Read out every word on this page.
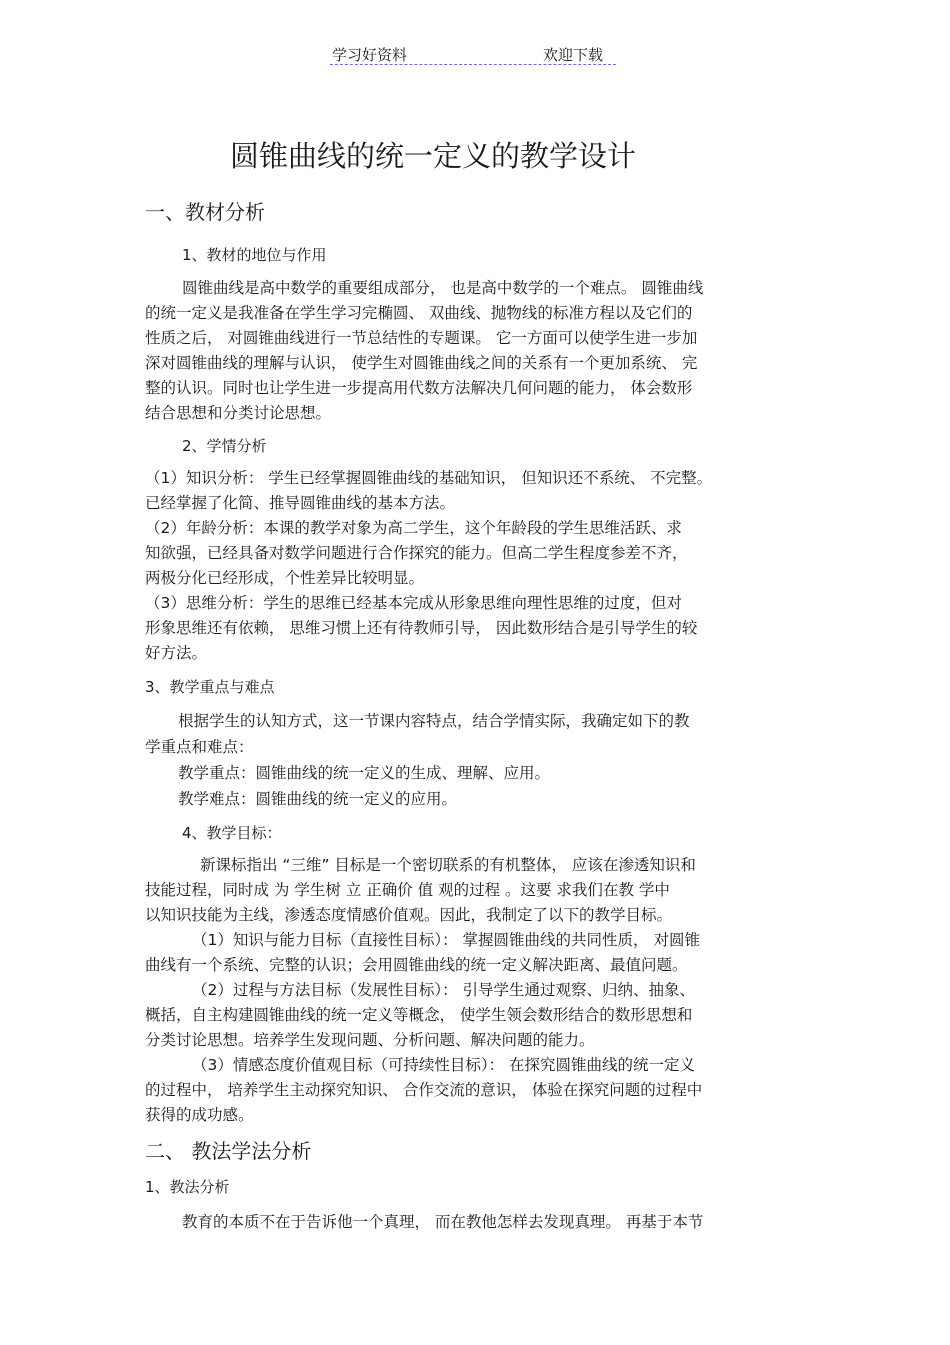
学习好资料	欢迎下载
圆锥曲线的统一定义的教学设计
一、教材分析
1、教材的地位与作用
圆锥曲线是高中数学的重要组成部分， 也是高中数学的一个难点。 圆锥曲线
的统一定义是我准备在学生学习完椭圆、 双曲线、抛物线的标准方程以及它们的
性质之后， 对圆锥曲线进行一节总结性的专题课。 它一方面可以使学生进一步加
深对圆锥曲线的理解与认识， 使学生对圆锥曲线之间的关系有一个更加系统、 完
整的认识。同时也让学生进一步提高用代数方法解决几何问题的能力， 体会数形
结合思想和分类讨论思想。
2、学情分析
（1）知识分析： 学生已经掌握圆锥曲线的基础知识， 但知识还不系统、 不完整。
已经掌握了化简、推导圆锥曲线的基本方法。
（2）年龄分析：本课的教学对象为高二学生，这个年龄段的学生思维活跃、求
知欲强，已经具备对数学问题进行合作探究的能力。但高二学生程度参差不齐，
两极分化已经形成，个性差异比较明显。
（3）思维分析：学生的思维已经基本完成从形象思维向理性思维的过度，但对
形象思维还有依赖， 思维习惯上还有待教师引导， 因此数形结合是引导学生的较
好方法。
3、教学重点与难点
根据学生的认知方式，这一节课内容特点，结合学情实际，我确定如下的教
学重点和难点：
教学重点：圆锥曲线的统一定义的生成、理解、应用。
教学难点：圆锥曲线的统一定义的应用。
4、教学目标：
新课标指出 “三维” 目标是一个密切联系的有机整体， 应该在渗透知识和
技能过程，同时成 为 学生树 立 正确价 值 观的过程 。这要 求我们在教 学中
以知识技能为主线，渗透态度情感价值观。因此，我制定了以下的教学目标。
（1）知识与能力目标（直接性目标）： 掌握圆锥曲线的共同性质， 对圆锥
曲线有一个系统、完整的认识；会用圆锥曲线的统一定义解决距离、最值问题。
（2）过程与方法目标（发展性目标）： 引导学生通过观察、归纳、抽象、
概括，自主构建圆锥曲线的统一定义等概念， 使学生领会数形结合的数形思想和
分类讨论思想。培养学生发现问题、分析问题、解决问题的能力。
（3）情感态度价值观目标（可持续性目标）： 在探究圆锥曲线的统一定义
的过程中， 培养学生主动探究知识、 合作交流的意识， 体验在探究问题的过程中
获得的成功感。
二、 教法学法分析
1、教法分析
教育的本质不在于告诉他一个真理， 而在教他怎样去发现真理。 再基于本节
